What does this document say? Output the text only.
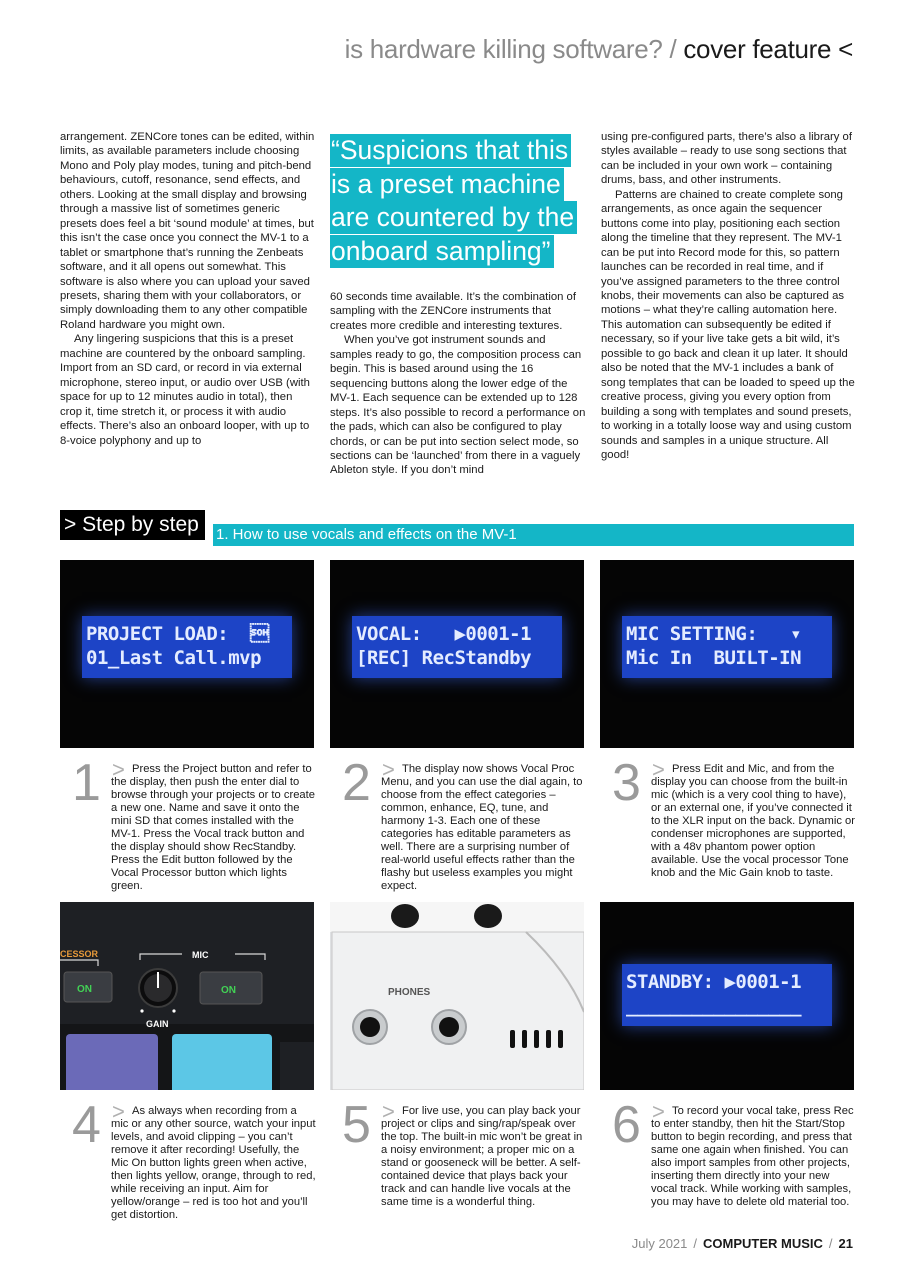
is hardware killing software? / cover feature <

arrangement. ZENCore tones can be edited, within limits, as available parameters include choosing Mono and Poly play modes, tuning and pitch-bend behaviours, cutoff, resonance, send effects, and others. Looking at the small display and browsing through a massive list of sometimes generic presets does feel a bit ‘sound module’ at times, but this isn’t the case once you connect the MV-1 to a tablet or smartphone that’s running the Zenbeats software, and it all opens out somewhat. This software is also where you can upload your saved presets, sharing them with your collaborators, or simply downloading them to any other compatible Roland hardware you might own.

Any lingering suspicions that this is a preset machine are countered by the onboard sampling. Import from an SD card, or record in via external microphone, stereo input, or audio over USB (with space for up to 12 minutes audio in total), then crop it, time stretch it, or process it with audio effects. There’s also an onboard looper, with up to 8-voice polyphony and up to

“Suspicions that this is a preset machine are countered by the onboard sampling”

60 seconds time available. It’s the combination of sampling with the ZENCore instruments that creates more credible and interesting textures.

When you’ve got instrument sounds and samples ready to go, the composition process can begin. This is based around using the 16 sequencing buttons along the lower edge of the MV-1. Each sequence can be extended up to 128 steps. It’s also possible to record a performance on the pads, which can also be configured to play chords, or can be put into section select mode, so sections can be ‘launched’ from there in a vaguely Ableton style. If you don’t mind

using pre-configured parts, there’s also a library of styles available – ready to use song sections that can be included in your own work – containing drums, bass, and other instruments.

Patterns are chained to create complete song arrangements, as once again the sequencer buttons come into play, positioning each section along the timeline that they represent. The MV-1 can be put into Record mode for this, so pattern launches can be recorded in real time, and if you’ve assigned parameters to the three control knobs, their movements can also be captured as motions – what they’re calling automation here. This automation can subsequently be edited if necessary, so if your live take gets a bit wild, it’s possible to go back and clean it up later. It should also be noted that the MV-1 includes a bank of song templates that can be loaded to speed up the creative process, giving you every option from building a song with templates and sound presets, to working in a totally loose way and using custom sounds and samples in a unique structure. All good!

1. How to use vocals and effects on the MV-1
> Step by step
PROJECT LOAD:  
01_Last Call.mvp
VOCAL:   ▶0001-1
[REC] RecStandby
MIC SETTING:   ▾
Mic In  BUILT-IN
1 > Press the Project button and refer to the display, then push the enter dial to browse through your projects or to create a new one. Name and save it onto the mini SD that comes installed with the MV-1. Press the Vocal track button and the display should show RecStandby. Press the Edit button followed by the Vocal Processor button which lights green.
2 > The display now shows Vocal Proc Menu, and you can use the dial again, to choose from the effect categories – common, enhance, EQ, tune, and harmony 1-3. Each one of these categories has editable parameters as well. There are a surprising number of real-world useful effects rather than the flashy but useless examples you might expect.
3 > Press Edit and Mic, and from the display you can choose from the built-in mic (which is a very cool thing to have), or an external one, if you’ve connected it to the XLR input on the back. Dynamic or condenser microphones are supported, with a 48v phantom power option available. Use the vocal processor Tone knob and the Mic Gain knob to taste.
CESSOR	MIC
ON	ON
GAIN
PHONES	STANDBY: ▶0001-1
________________
4 > As always when recording from a mic or any other source, watch your input levels, and avoid clipping – you can’t remove it after recording! Usefully, the Mic On button lights green when active, then lights yellow, orange, through to red, while receiving an input. Aim for yellow/orange – red is too hot and you’ll get distortion.
5 > For live use, you can play back your project or clips and sing/rap/speak over the top. The built-in mic won’t be great in a noisy environment; a proper mic on a stand or gooseneck will be better. A self-contained device that plays back your track and can handle live vocals at the same time is a wonderful thing.
6 > To record your vocal take, press Rec to enter standby, then hit the Start/Stop button to begin recording, and press that same one again when finished. You can also import samples from other projects, inserting them directly into your new vocal track. While working with samples, you may have to delete old material too.
July 2021 / COMPUTER MUSIC / 21
